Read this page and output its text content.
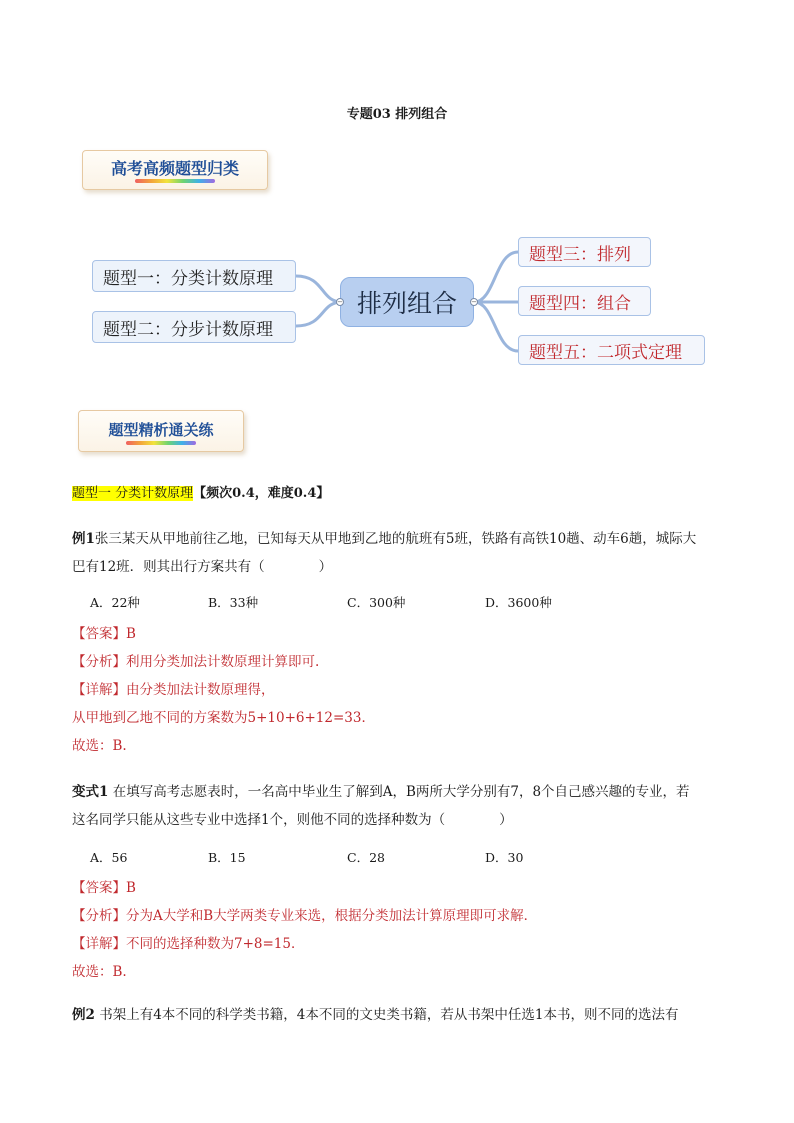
专题03 排列组合
高考高频题型归类
题型一：分类计数原理
题型二：分步计数原理
排列组合
−	−
题型三：排列
题型四：组合
题型五：二项式定理
题型精析通关练
题型一 分类计数原理【频次0.4，难度0.4】
例1张三某天从甲地前往乙地，已知每天从甲地到乙地的航班有5班，铁路有高铁10趟、动车6趟，城际大
巴有12班．则其出行方案共有（　　　　）
A．22种	B．33种	C．300种	D．3600种
【答案】B
【分析】利用分类加法计数原理计算即可.
【详解】由分类加法计数原理得，
从甲地到乙地不同的方案数为5+10+6+12=33．
故选：B.
变式1 在填写高考志愿表时，一名高中毕业生了解到A，B两所大学分别有7，8个自己感兴趣的专业，若
这名同学只能从这些专业中选择1个，则他不同的选择种数为（　　　　）
A．56	B．15	C．28	D．30
【答案】B
【分析】分为A大学和B大学两类专业来选，根据分类加法计算原理即可求解．
【详解】不同的选择种数为7+8=15．
故选：B.
例2 书架上有4本不同的科学类书籍，4本不同的文史类书籍，若从书架中任选1本书，则不同的选法有
